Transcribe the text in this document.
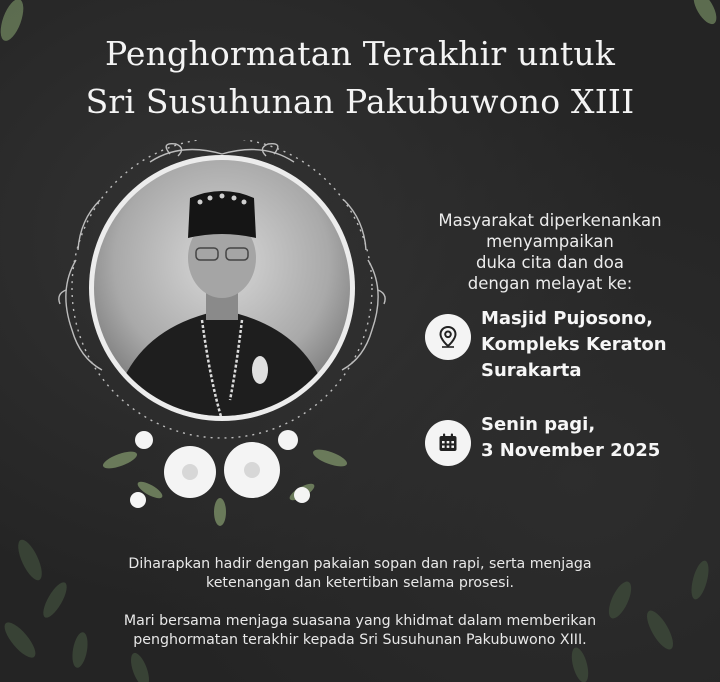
Penghormatan Terakhir untuk
Sri Susuhunan Pakubuwono XIII
Masyarakat diperkenankan
menyampaikan
duka cita dan doa
dengan melayat ke:
Masjid Pujosono,
Kompleks Keraton
Surakarta
Senin pagi,
3 November 2025
Diharapkan hadir dengan pakaian sopan dan rapi, serta menjaga
ketenangan dan ketertiban selama prosesi.
Mari bersama menjaga suasana yang khidmat dalam memberikan
penghormatan terakhir kepada Sri Susuhunan Pakubuwono XIII.
